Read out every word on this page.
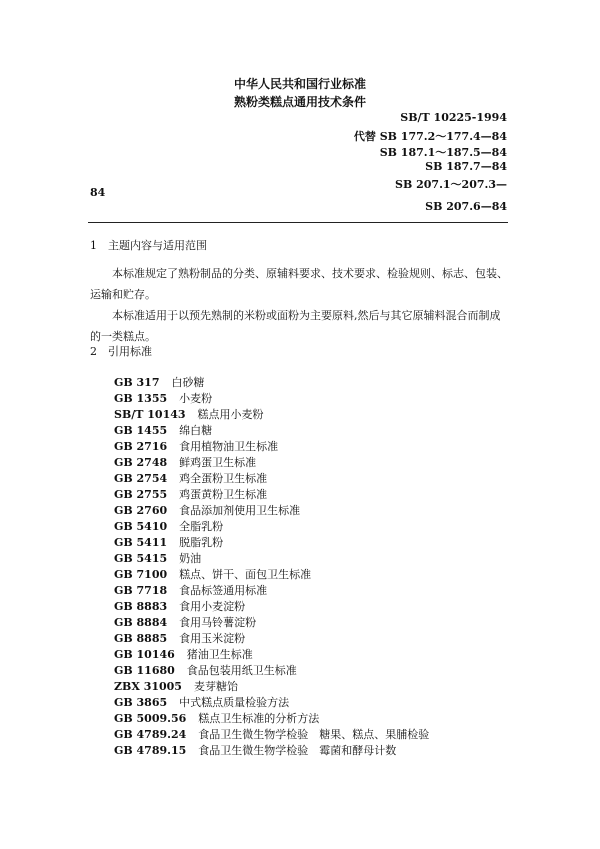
中华人民共和国行业标准
熟粉类糕点通用技术条件
SB/T 10225-1994
代替 SB 177.2～177.4—84
SB 187.1～187.5—84
SB 187.7—84
SB 207.1～207.3—
84
SB 207.6—84
1　主题内容与适用范围
本标准规定了熟粉制品的分类、原辅料要求、技术要求、检验规则、标志、包装、运输和贮存。
本标准适用于以预先熟制的米粉或面粉为主要原料,然后与其它原辅料混合而制成的一类糕点。
2　引用标准
GB 317 白砂糖
GB 1355 小麦粉
SB/T 10143 糕点用小麦粉
GB 1455 绵白糖
GB 2716 食用植物油卫生标准
GB 2748 鲜鸡蛋卫生标准
GB 2754 鸡全蛋粉卫生标准
GB 2755 鸡蛋黄粉卫生标准
GB 2760 食品添加剂使用卫生标准
GB 5410 全脂乳粉
GB 5411 脱脂乳粉
GB 5415 奶油
GB 7100 糕点、饼干、面包卫生标准
GB 7718 食品标签通用标准
GB 8883 食用小麦淀粉
GB 8884 食用马铃薯淀粉
GB 8885 食用玉米淀粉
GB 10146 猪油卫生标准
GB 11680 食品包装用纸卫生标准
ZBX 31005 麦芽糖饴
GB 3865 中式糕点质量检验方法
GB 5009.56 糕点卫生标准的分析方法
GB 4789.24 食品卫生微生物学检验　糖果、糕点、果脯检验
GB 4789.15 食品卫生微生物学检验　霉菌和酵母计数
